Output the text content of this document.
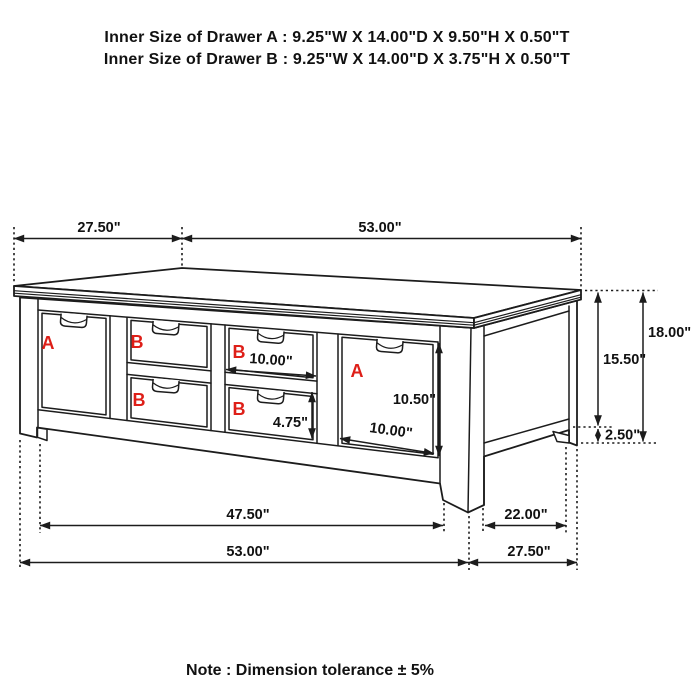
Inner Size of Drawer A : 9.25"W X 14.00"D X 9.50"H X 0.50"T
Inner Size of Drawer B : 9.25"W X 14.00"D X 3.75"H X 0.50"T
A	B
B
B
B
A
27.50"	53.00"
15.50"
18.00"
2.50"
10.00"
4.75"
10.50"
10.00"
47.50"	22.00"
53.00"	27.50"
Note : Dimension tolerance ± 5%
